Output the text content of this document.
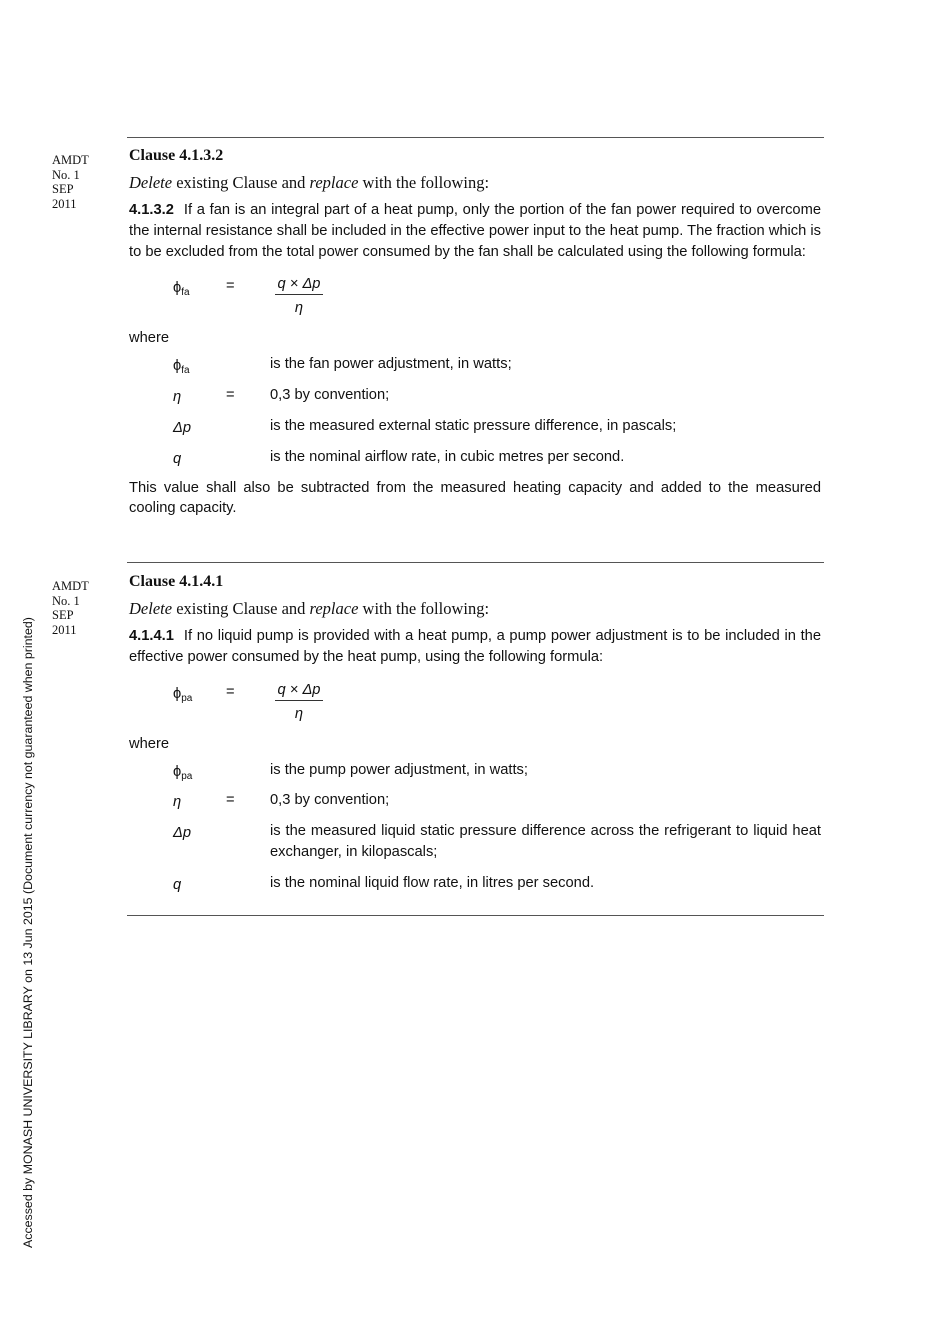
AMDT
No. 1
SEP
2011
AMDT
No. 1
SEP
2011
Accessed by MONASH UNIVERSITY LIBRARY on 13 Jun 2015 (Document currency not guaranteed when printed)
Clause 4.1.3.2
Delete existing Clause and replace with the following:
4.1.3.2 If a fan is an integral part of a heat pump, only the portion of the fan power required to overcome the internal resistance shall be included in the effective power input to the heat pump. The fraction which is to be excluded from the total power consumed by the fan shall be calculated using the following formula:
$\phi_{fa}$ =	q × Δp
η
where
$\phi_{fa}$	is the fan power adjustment, in watts;
η	= 0,3 by convention;
Δp	is the measured external static pressure difference, in pascals;
q	is the nominal airflow rate, in cubic metres per second.
This value shall also be subtracted from the measured heating capacity and added to the measured cooling capacity.
Clause 4.1.4.1
Delete existing Clause and replace with the following:
4.1.4.1 If no liquid pump is provided with a heat pump, a pump power adjustment is to be included in the effective power consumed by the heat pump, using the following formula:
$\phi_{pa}$ =	q × Δp
η
where
$\phi_{pa}$	is the pump power adjustment, in watts;
η	= 0,3 by convention;
Δp	is the measured liquid static pressure difference across the refrigerant to liquid heat exchanger, in kilopascals;
q	is the nominal liquid flow rate, in litres per second.
